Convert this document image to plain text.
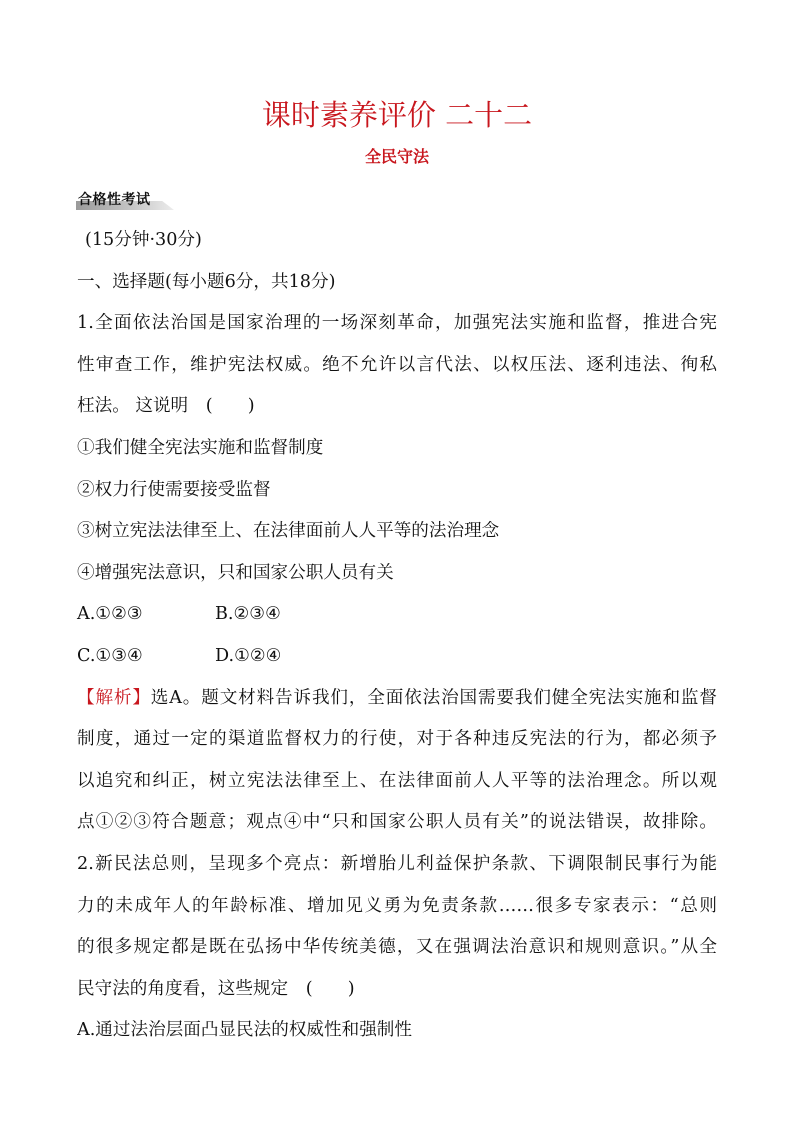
课时素养评价 二十二
全民守法
合格性考试
(15分钟·30分)
一、选择题(每小题6分，共18分)
1.全面依法治国是国家治理的一场深刻革命，加强宪法实施和监督，推进合宪
性审查工作，维护宪法权威。绝不允许以言代法、以权压法、逐利违法、徇私
枉法。 这说明　(　　)
①我们健全宪法实施和监督制度
②权力行使需要接受监督
③树立宪法法律至上、在法律面前人人平等的法治理念
④增强宪法意识，只和国家公职人员有关
A.①②③	B.②③④
C.①③④	D.①②④
【解析】选A。题文材料告诉我们，全面依法治国需要我们健全宪法实施和监督
制度，通过一定的渠道监督权力的行使，对于各种违反宪法的行为，都必须予
以追究和纠正，树立宪法法律至上、在法律面前人人平等的法治理念。所以观
点①②③符合题意；观点④中“只和国家公职人员有关”的说法错误，故排除。
2.新民法总则，呈现多个亮点：新增胎儿利益保护条款、下调限制民事行为能
力的未成年人的年龄标准、增加见义勇为免责条款……很多专家表示：“总则
的很多规定都是既在弘扬中华传统美德，又在强调法治意识和规则意识。”从全
民守法的角度看，这些规定　(　　)
A.通过法治层面凸显民法的权威性和强制性
